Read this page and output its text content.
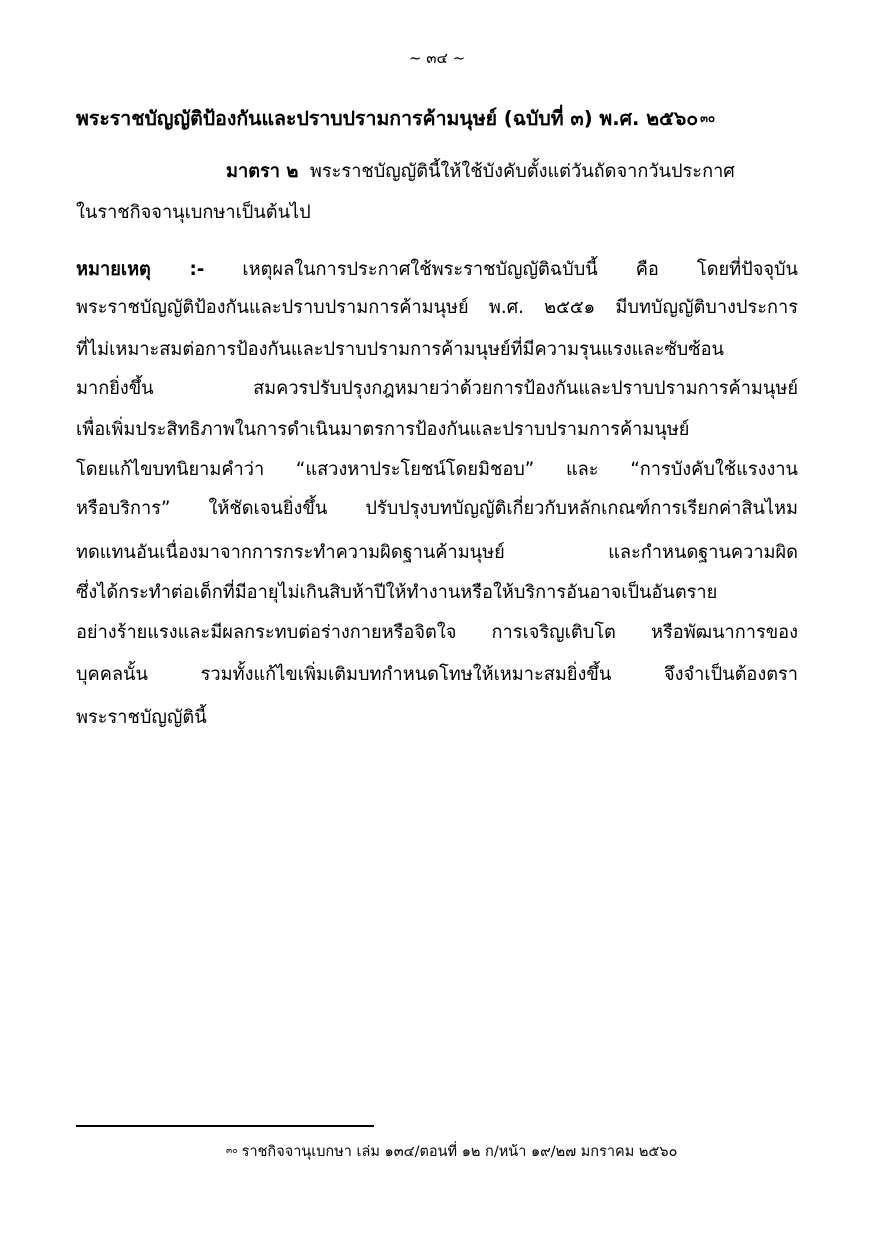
~ ๓๔ ~
พระราชบัญญัติป้องกันและปราบปรามการค้ามนุษย์ (ฉบับที่ ๓) พ.ศ. ๒๕๖๐ $^{๓๐}$
มาตรา ๒ พระราชบัญญัตินี้ให้ใช้บังคับตั้งแต่วันถัดจากวันประกาศ
ในราชกิจจานุเบกษาเป็นต้นไป
หมายเหตุ :- เหตุผลในการประกาศใช้พระราชบัญญัติฉบับนี้ คือ โดยที่ปัจจุบัน
พระราชบัญญัติป้องกันและปราบปรามการค้ามนุษย์ พ.ศ. ๒๕๕๑ มีบทบัญญัติบางประการ
ที่ไม่เหมาะสมต่อการป้องกันและปราบปรามการค้ามนุษย์ที่มีความรุนแรงและซับซ้อน
มากยิ่งขึ้น สมควรปรับปรุงกฎหมายว่าด้วยการป้องกันและปราบปรามการค้ามนุษย์
เพื่อเพิ่มประสิทธิภาพในการดำเนินมาตรการป้องกันและปราบปรามการค้ามนุษย์
โดยแก้ไขบทนิยามคำว่า “แสวงหาประโยชน์โดยมิชอบ” และ “การบังคับใช้แรงงาน
หรือบริการ” ให้ชัดเจนยิ่งขึ้น ปรับปรุงบทบัญญัติเกี่ยวกับหลักเกณฑ์การเรียกค่าสินไหม
ทดแทนอันเนื่องมาจากการกระทำความผิดฐานค้ามนุษย์ และกำหนดฐานความผิด
ซึ่งได้กระทำต่อเด็กที่มีอายุไม่เกินสิบห้าปีให้ทำงานหรือให้บริการอันอาจเป็นอันตราย
อย่างร้ายแรงและมีผลกระทบต่อร่างกายหรือจิตใจ การเจริญเติบโต หรือพัฒนาการของ
บุคคลนั้น รวมทั้งแก้ไขเพิ่มเติมบทกำหนดโทษให้เหมาะสมยิ่งขึ้น จึงจำเป็นต้องตรา
พระราชบัญญัตินี้
$^{๓๐}$ ราชกิจจานุเบกษา เล่ม ๑๓๔/ตอนที่ ๑๒ ก/หน้า ๑๙/๒๗ มกราคม ๒๕๖๐
